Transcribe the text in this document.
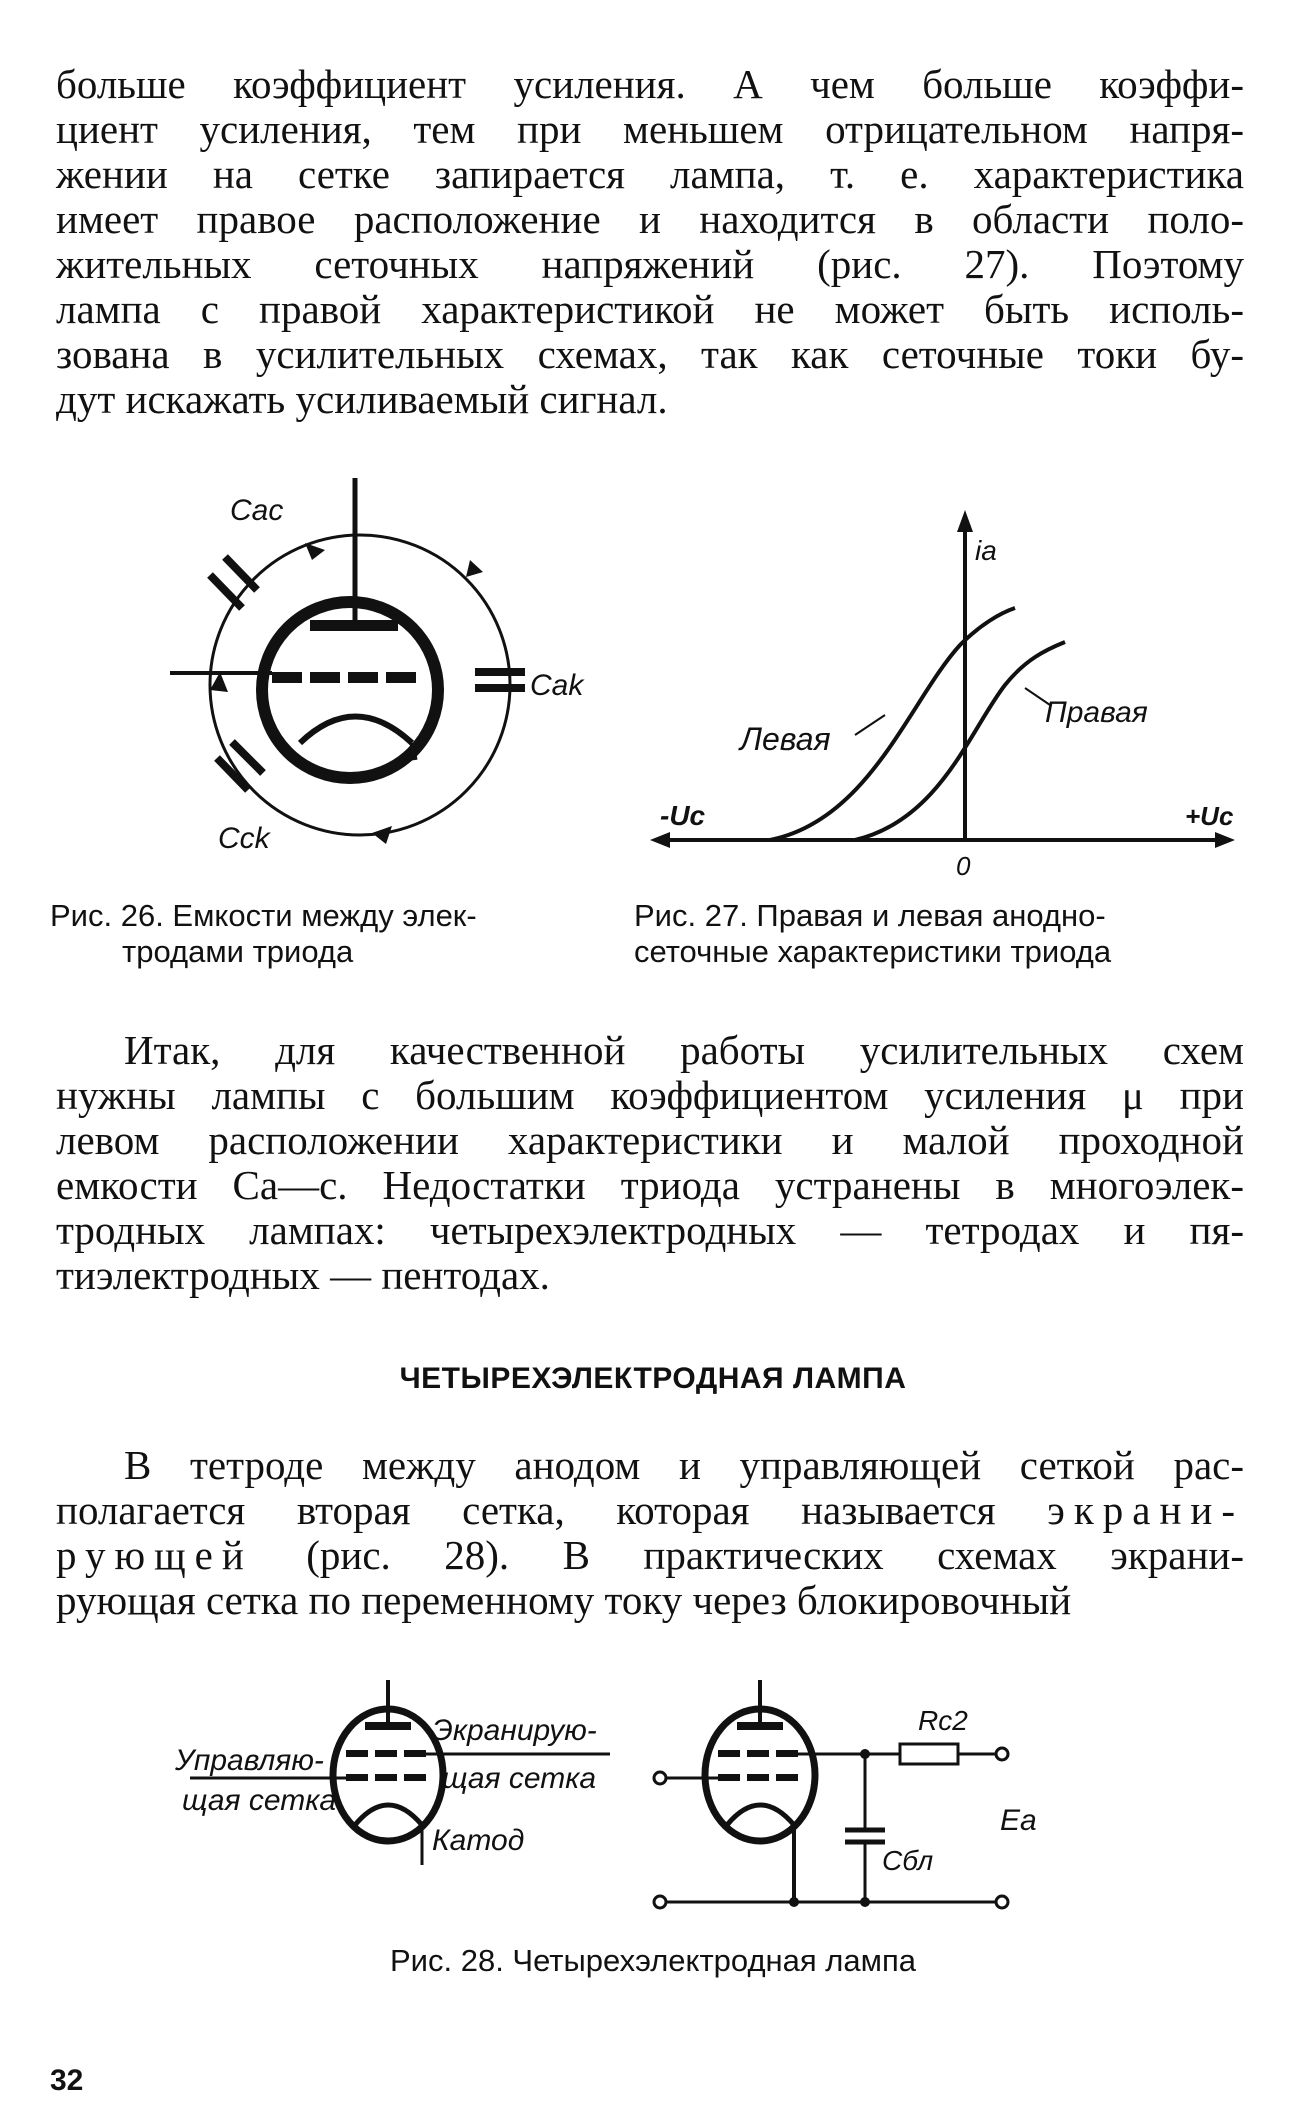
больше коэффициент усиления. А чем больше коэффи-
циент усиления, тем при меньшем отрицательном напря-
жении на сетке запирается лампа, т. е. характеристика
имеет правое расположение и находится в области поло-
жительных сеточных напряжений (рис. 27). Поэтому
лампа с правой характеристикой не может быть исполь-
зована в усилительных схемах, так как сеточные токи бу-
дут искажать усиливаемый сигнал.
Cac
Cak
Cck
ia
Левая
Правая
-Uc	+Uc
0
Рис. 26. Емкости между элек-
тродами триода
Рис. 27. Правая и левая анодно-
сеточные характеристики триода
Итак, для качественной работы усилительных схем
нужны лампы с большим коэффициентом усиления μ при
левом расположении характеристики и малой проходной
емкости Cа—с. Недостатки триода устранены в многоэлек-
тродных лампах: четырехэлектродных — тетродах и пя-
тиэлектродных — пентодах.
ЧЕТЫРЕХЭЛЕКТРОДНАЯ ЛАМПА
В тетроде между анодом и управляющей сеткой рас-
полагается вторая сетка, которая называется экрани-
рующей (рис. 28). В практических схемах экрани-
рующая сетка по переменному току через блокировочный
Управляю-
щая сетка
Экранирую-
щая сетка
Катод
Rc2
Cбл
Ea
Рис. 28. Четырехэлектродная лампа
32
